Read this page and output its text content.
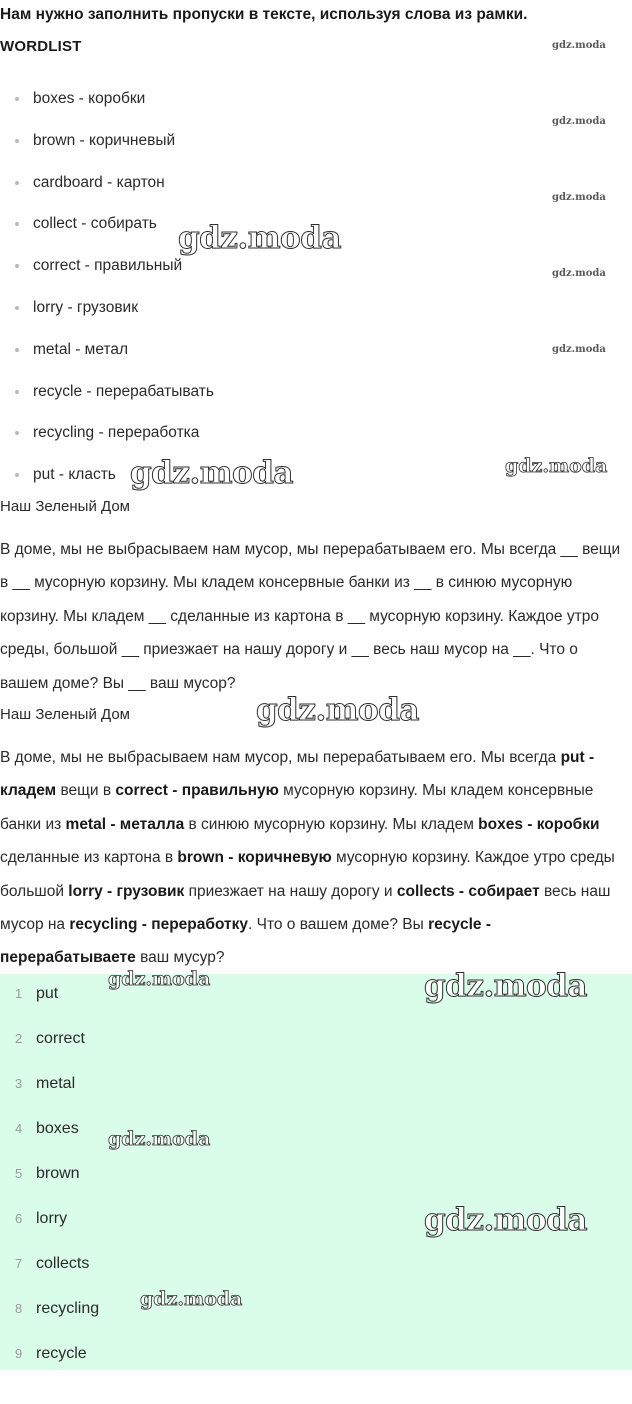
Нам нужно заполнить пропуски в тексте, используя слова из рамки.
WORDLIST
boxes - коробки
brown - коричневый
cardboard - картон
collect - собирать
correct - правильный
lorry - грузовик
metal - метал
recycle - перерабатывать
recycling - переработка
put - класть
Наш Зеленый Дом
В доме, мы не выбрасываем нам мусор, мы перерабатываем его. Мы всегда __ вещи в __ мусорную корзину. Мы кладем консервные банки из __ в синюю мусорную корзину. Мы кладем __ сделанные из картона в __ мусорную корзину. Каждое утро среды, большой __ приезжает на нашу дорогу и __ весь наш мусор на __. Что о вашем доме? Вы __ ваш мусор?
Наш Зеленый Дом
В доме, мы не выбрасываем нам мусор, мы перерабатываем его. Мы всегда put - кладем вещи в correct - правильную мусорную корзину. Мы кладем консервные банки из metal - металла в синюю мусорную корзину. Мы кладем boxes - коробки сделанные из картона в brown - коричневую мусорную корзину. Каждое утро среды большой lorry - грузовик приезжает на нашу дорогу и collects - собирает весь наш мусор на recycling - переработку. Что о вашем доме? Вы recycle - перерабатываете ваш мусур?
1 put
2 correct
3 metal
4 boxes
5 brown
6 lorry
7 collects
8 recycling
9 recycle
gdz.moda
gdz.moda
gdz.moda
gdz.moda
gdz.moda
gdz.moda
gdz.moda	gdz.moda
gdz.moda
gdz.moda	gdz.moda
gdz.moda
gdz.moda
gdz.moda
